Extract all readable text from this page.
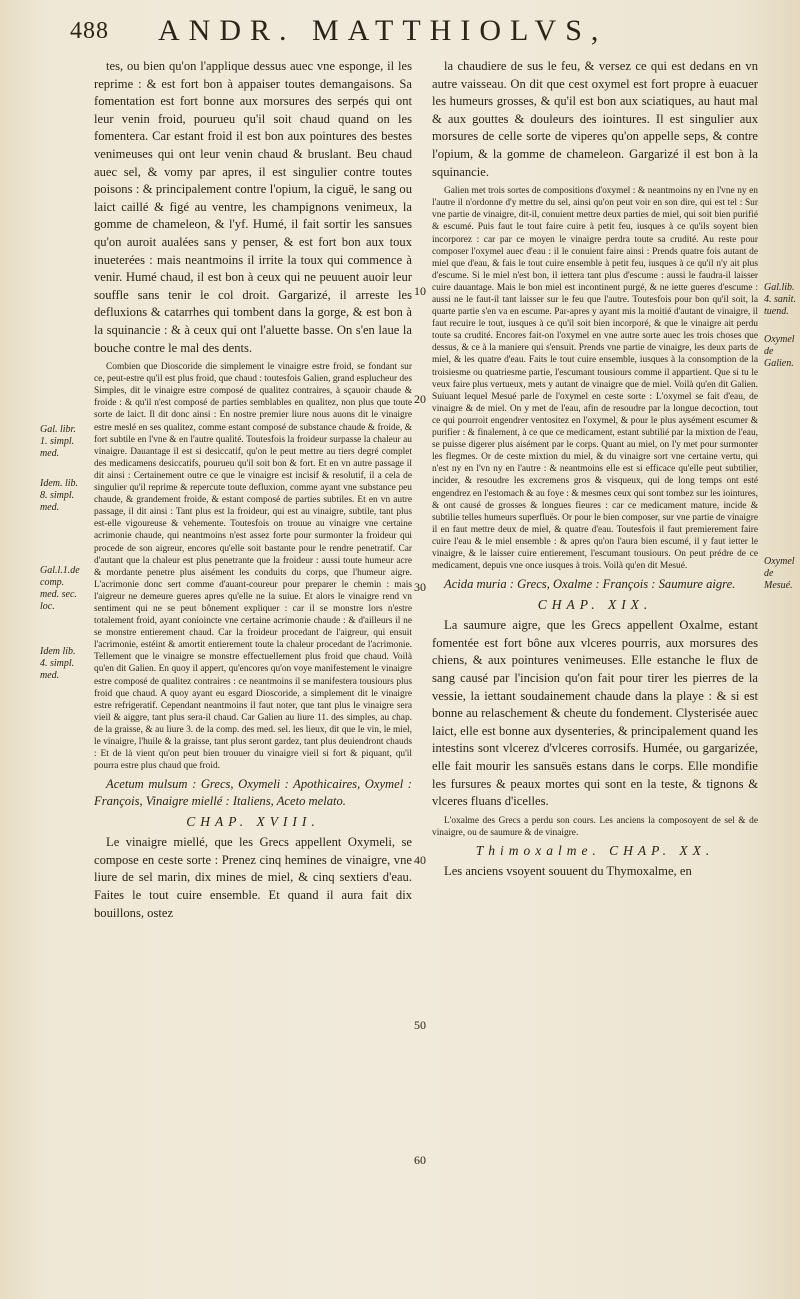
488 ANDR. MATTHIOLVS,

tes, ou bien qu'on l'applique dessus auec vne esponge, il les reprime : & est fort bon à appaiser toutes demangaisons. Sa fomentation est fort bonne aux morsures des serpés qui ont leur venin froid, pourueu qu'il soit chaud quand on les fomentera. Car estant froid il est bon aux pointures des bestes venimeuses qui ont leur venin chaud & bruslant. Beu chaud auec sel, & vomy par apres, il est singulier contre toutes poisons : & principalement contre l'opium, la ciguë, le sang ou laict caillé & figé au ventre, les champignons venimeux, la gomme de chameleon, & l'yf. Humé, il fait sortir les sansues qu'on auroit aualées sans y penser, & est fort bon aux toux inueterées : mais neantmoins il irrite la toux qui commence à venir. Humé chaud, il est bon à ceux qui ne peuuent auoir leur souffle sans tenir le col droit. Gargarizé, il arreste les defluxions & catarrhes qui tombent dans la gorge, & est bon à la squinancie : & à ceux qui ont l'aluette basse. On s'en laue la bouche contre le mal des dents.

Combien que Dioscoride die simplement le vinaigre estre froid, se fondant sur ce, peut-estre qu'il est plus froid, que chaud : toutesfois Galien, grand esplucheur des Simples, dit le vinaigre estre composé de qualitez contraires, à sçauoir chaude & froide : & qu'il n'est composé de parties semblables en qualitez, non plus que toute sorte de laict. Il dit donc ainsi : En nostre premier liure nous auons dit le vinaigre estre meslé en ses qualitez, comme estant composé de substance chaude & froide, & fort subtile en l'vne & en l'autre qualité. Toutesfois la froideur surpasse la chaleur au vinaigre. Dauantage il est si desiccatif, qu'on le peut mettre au tiers degré complet des medicamens desiccatifs, pourueu qu'il soit bon & fort. Et en vn autre passage il dit ainsi : Certainement outre ce que le vinaigre est incisif & resolutif, il a cela de singulier qu'il reprime & repercute toute defluxion, comme ayant vne substance peu chaude, & grandement froide, & estant composé de parties subtiles. Et en vn autre passage, il dit ainsi : Tant plus est la froideur, qui est au vinaigre, subtile, tant plus est-elle vigoureuse & vehemente. Toutesfois on trouue au vinaigre vne certaine acrimonie chaude, qui neantmoins n'est assez forte pour surmonter la froideur qui procede de son aigreur, encores qu'elle soit bastante pour le rendre penetratif. Car d'autant que la chaleur est plus penetrante que la froideur : aussi toute humeur acre & mordante penetre plus aisément les conduits du corps, que l'humeur aigre. L'acrimonie donc sert comme d'auant-coureur pour preparer le chemin : mais l'aigreur ne demeure gueres apres qu'elle ne la suiue. Et alors le vinaigre rend vn sentiment qui ne se peut bônement expliquer : car il se monstre lors n'estre totalement froid, ayant conioincte vne certaine acrimonie chaude : & d'ailleurs il ne se monstre entierement chaud. Car la froideur procedant de l'aigreur, qui ensuit l'acrimonie, estéint & amortit entierement toute la chaleur procedant de l'acrimonie. Tellement que le vinaigre se monstre effectuellement plus froid que chaud. Voilà qu'en dit Galien. En quoy il appert, qu'encores qu'on voye manifestement le vinaigre estre composé de qualitez contraires : ce neantmoins il se manifestera tousiours plus froid que chaud. A quoy ayant eu esgard Dioscoride, a simplement dit le vinaigre estre refrigeratif. Cependant neantmoins il faut noter, que tant plus le vinaigre sera vieil & aiggre, tant plus sera-il chaud. Car Galien au liure 11. des simples, au chap. de la graisse, & au liure 3. de la comp. des med. sel. les lieux, dit que le vin, le miel, le vinaigre, l'huile & la graisse, tant plus seront gardez, tant plus deuiendront chauds : Et de là vient qu'on peut bien trouuer du vinaigre vieil si fort & piquant, qu'il pourra estre plus chaud que froid.

Acetum mulsum : Grecs, Oxymeli : Apothicaires, Oxymel : François, Vinaigre miellé : Italiens, Aceto melato.

CHAP. XVIII.

Le vinaigre miellé, que les Grecs appellent Oxymeli, se compose en ceste sorte : Prenez cinq hemines de vinaigre, vne liure de sel marin, dix mines de miel, & cinq sextiers d'eau. Faites le tout cuire ensemble. Et quand il aura fait dix bouillons, ostez

la chaudiere de sus le feu, & versez ce qui est dedans en vn autre vaisseau. On dit que cest oxymel est fort propre à euacuer les humeurs grosses, & qu'il est bon aux sciatiques, au haut mal & aux gouttes & douleurs des iointures. Il est singulier aux morsures de celle sorte de viperes qu'on appelle seps, & contre l'opium, & la gomme de chameleon. Gargarizé il est bon à la squinancie.

Galien met trois sortes de compositions d'oxymel : & neantmoins ny en l'vne ny en l'autre il n'ordonne d'y mettre du sel, ainsi qu'on peut voir en son dire, qui est tel : Sur vne partie de vinaigre, dit-il, conuient mettre deux parties de miel, qui soit bien purifié & escumé. Puis faut le tout faire cuire à petit feu, iusques à ce qu'ils soyent bien incorporez : car par ce moyen le vinaigre perdra toute sa crudité. Au reste pour composer l'oxymel auec d'eau : il le conuient faire ainsi : Prends quatre fois autant de miel que d'eau, & fais le tout cuire ensemble à petit feu, iusques à ce qu'il n'y ait plus d'escume. Si le miel n'est bon, il iettera tant plus d'escume : aussi le faudra-il laisser cuire dauantage. Mais le bon miel est incontinent purgé, & ne iette gueres d'escume : aussi ne le faut-il tant laisser sur le feu que l'autre. Toutesfois pour bon qu'il soit, la quarte partie s'en va en escume. Par-apres y ayant mis la moitié d'autant de vinaigre, il faut recuire le tout, iusques à ce qu'il soit bien incorporé, & que le vinaigre ait perdu toute sa crudité. Encores fait-on l'oxymel en vne autre sorte auec les trois choses que dessus, & ce à la maniere qui s'ensuit. Prends vne partie de vinaigre, les deux parts de miel, & les quatre d'eau. Faits le tout cuire ensemble, iusques à la consomption de la troisiesme ou quatriesme partie, l'escumant tousiours comme il appartient. Que si tu le veux faire plus vertueux, mets y autant de vinaigre que de miel. Voilà qu'en dit Galien. Suiuant lequel Mesué parle de l'oxymel en ceste sorte : L'oxymel se fait d'eau, de vinaigre & de miel. On y met de l'eau, afin de resoudre par la longue decoction, tout ce qui pourroit engendrer ventositez en l'oxymel, & pour le plus aysément escumer & purifier : & finalement, à ce que ce medicament, estant subtilié par la mixtion de l'eau, se puisse digerer plus aisément par le corps. Quant au miel, on l'y met pour surmonter les flegmes. Or de ceste mixtion du miel, & du vinaigre sort vne certaine vertu, qui n'est ny en l'vn ny en l'autre : & neantmoins elle est si efficace qu'elle peut subtilier, incider, & resoudre les excremens gros & visqueux, qui de long temps ont esté engendrez en l'estomach & au foye : & mesmes ceux qui sont tombez sur les iointures, & ont causé de grosses & longues fieures : car ce medicament mature, incide & subtilie telles humeurs superfluës. Or pour le bien composer, sur vne partie de vinaigre il en faut mettre deux de miel, & quatre d'eau. Toutesfois il faut premierement faire cuire l'eau & le miel ensemble : & apres qu'on l'aura bien escumé, il y faut ietter le vinaigre, & le laisser cuire entierement, l'escumant tousiours. On peut prédre de ce medicament, depuis vne once iusques à trois. Voilà qu'en dit Mesué.

Acida muria : Grecs, Oxalme : François : Saumure aigre.

CHAP. XIX.

La saumure aigre, que les Grecs appellent Oxalme, estant fomentée est fort bône aux vlceres pourris, aux morsures des chiens, & aux pointures venimeuses. Elle estanche le flux de sang causé par l'incision qu'on fait pour tirer les pierres de la vessie, la iettant soudainement chaude dans la playe : & si est bonne au relaschement & cheute du fondement. Clysterisée auec laict, elle est bonne aux dysenteries, & principalement quand les intestins sont vlcerez d'vlceres corrosifs. Humée, ou gargarizée, elle fait mourir les sansuës estans dans le corps. Elle mondifie les fursures & peaux mortes qui sont en la teste, & tignons & vlceres fluans d'icelles.

L'oxalme des Grecs a perdu son cours. Les anciens la composoyent de sel & de vinaigre, ou de saumure & de vinaigre.

Thimoxalme. CHAP. XX.

Les anciens vsoyent souuent du Thymoxalme, en

Gal. libr. 1. simpl. med.
Idem. lib. 8. simpl. med.
Gal.l.1.de comp. med. sec. loc.
Idem lib. 4. simpl. med.
Gal.lib. 4. sanit. tuend.
Oxymel de Galien.
Oxymel de Mesué.
10
20
30
40
50
60
